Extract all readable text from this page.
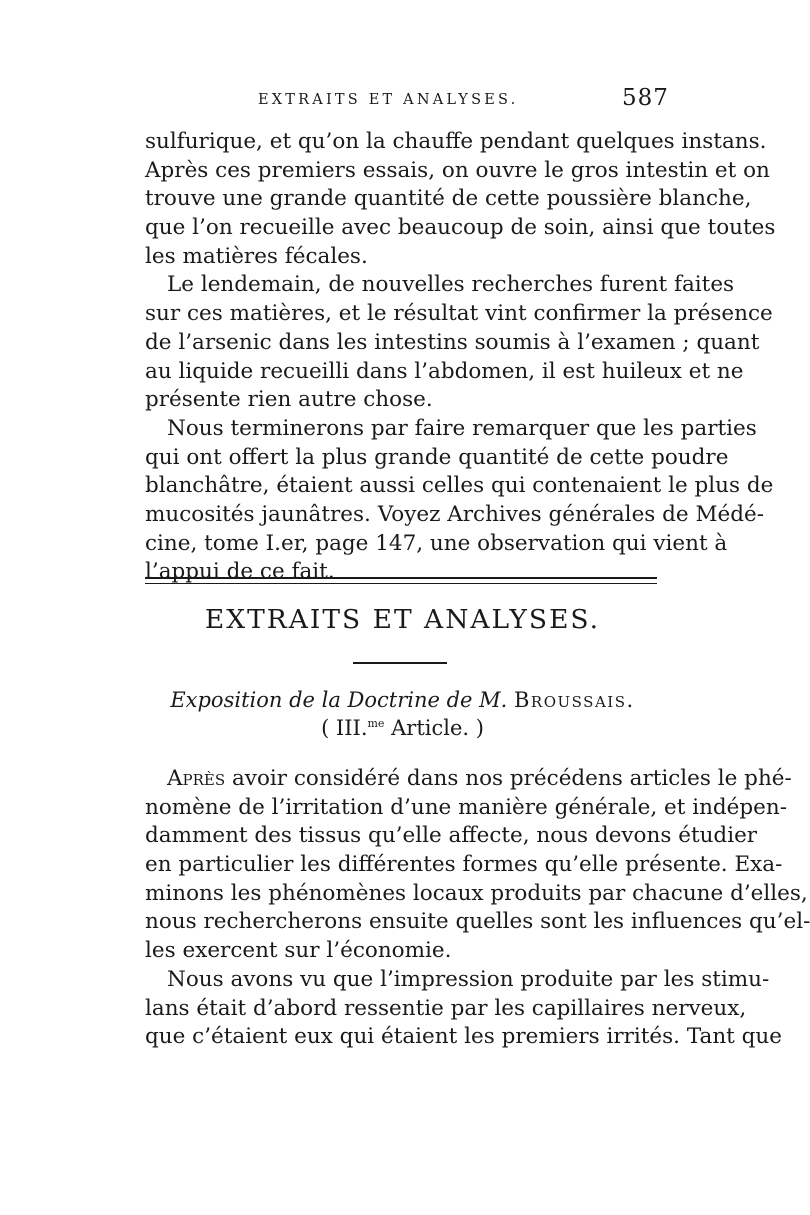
EXTRAITS ET ANALYSES.	587
sulfurique, et qu’on la chauffe pendant quelques instans.
Après ces premiers essais, on ouvre le gros intestin et on
trouve une grande quantité de cette poussière blanche,
que l’on recueille avec beaucoup de soin, ainsi que toutes
les matières fécales.
Le lendemain, de nouvelles recherches furent faites
sur ces matières, et le résultat vint confirmer la présence
de l’arsenic dans les intestins soumis à l’examen ; quant
au liquide recueilli dans l’abdomen, il est huileux et ne
présente rien autre chose.
Nous terminerons par faire remarquer que les parties
qui ont offert la plus grande quantité de cette poudre
blanchâtre, étaient aussi celles qui contenaient le plus de
mucosités jaunâtres. Voyez Archives générales de Médé-
cine, tome I.er, page 147, une observation qui vient à
l’appui de ce fait.
EXTRAITS ET ANALYSES.
Exposition de la Doctrine de M. Broussais.
( III.$^{me}$ Article. )
Après avoir considéré dans nos précédens articles le phé-
nomène de l’irritation d’une manière générale, et indépen-
damment des tissus qu’elle affecte, nous devons étudier
en particulier les différentes formes qu’elle présente. Exa-
minons les phénomènes locaux produits par chacune d’elles,
nous rechercherons ensuite quelles sont les influences qu’el-
les exercent sur l’économie.
Nous avons vu que l’impression produite par les stimu-
lans était d’abord ressentie par les capillaires nerveux,
que c’étaient eux qui étaient les premiers irrités. Tant que
